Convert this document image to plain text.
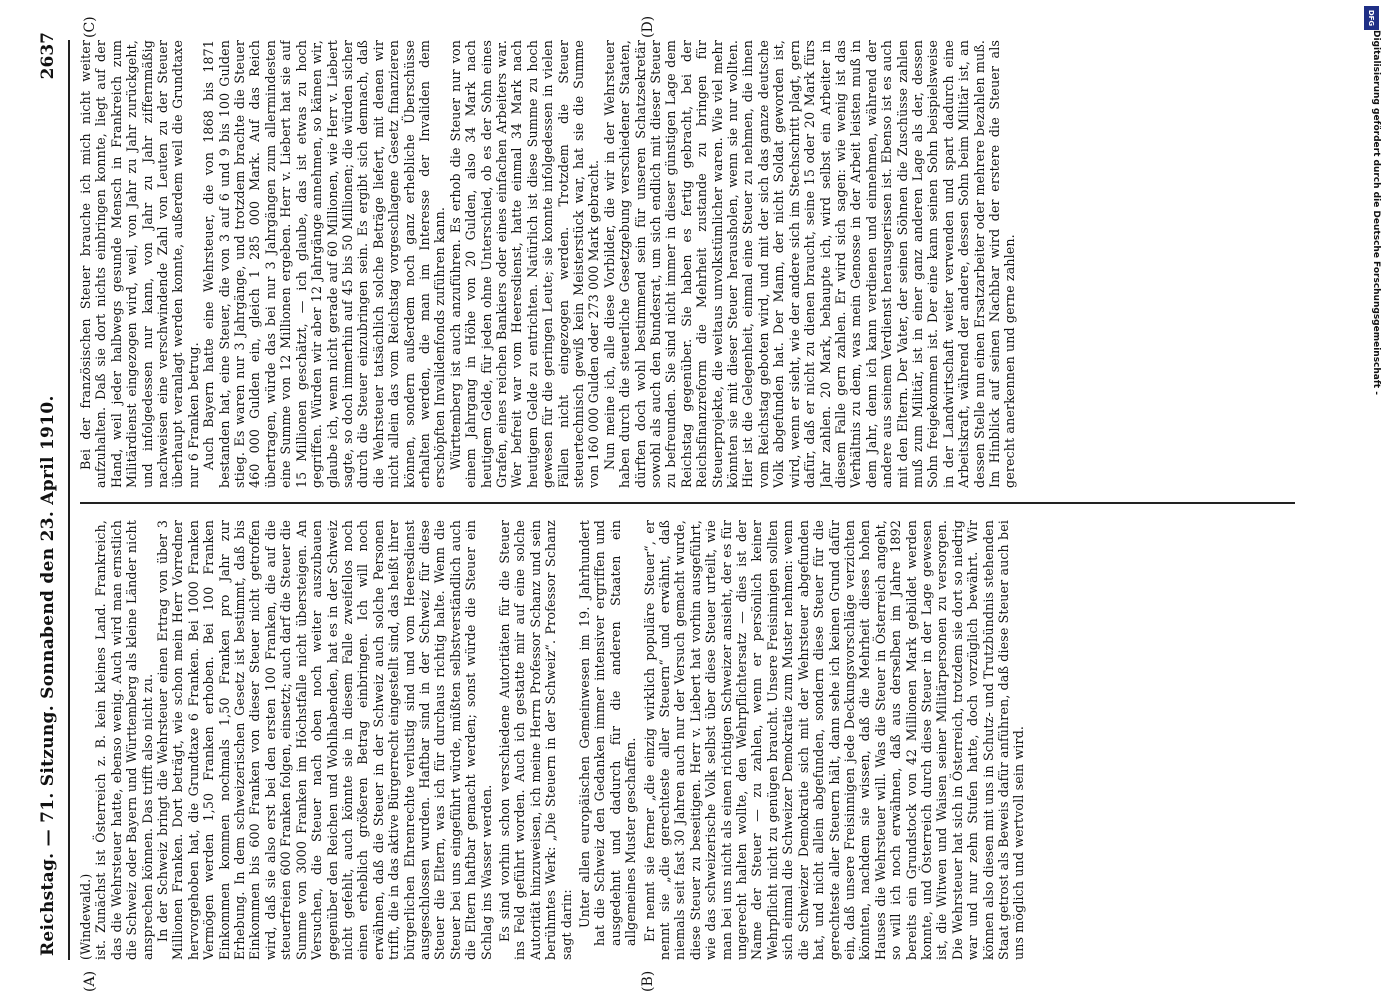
Reichstag. — 71. Sitzung. Sonnabend den 23. April 1910.
2637

(Windewald.) ist. Zunächst ist Österreich z. B. kein kleines Land. Frankreich, das die Wehrsteuer hatte, ebenso wenig. Auch wird man ernstlich die Schweiz oder Bayern und Württemberg als kleine Länder nicht ansprechen können. Das trifft also nicht zu. In der Schweiz bringt die Wehrsteuer einen Ertrag von über 3 Millionen Franken. Dort beträgt, wie schon mein Herr Vorredner hervorgehoben hat, die Grundtaxe 6 Franken. Bei 1000 Franken Vermögen werden 1,50 Franken erhoben. Bei 100 Franken Einkommen kommen nochmals 1,50 Franken pro Jahr zur Erhebung. In dem schweizerischen Gesetz ist bestimmt, daß bis Einkommen bis 600 Franken von dieser Steuer nicht getroffen wird, daß sie also erst bei den ersten 100 Franken, die auf die steuerfreien 600 Franken folgen, einsetzt; auch darf die Steuer die Summe von 3000 Franken im Höchstfalle nicht übersteigen. An Versuchen, die Steuer nach oben noch weiter auszubauen gegenüber den Reichen und Wohlhabenden, hat es in der Schweiz nicht gefehlt, auch könnte sie in diesem Falle zweifellos noch einen erheblich größeren Betrag einbringen. Ich will noch erwähnen, daß die Steuer in der Schweiz auch solche Personen trifft, die in das aktive Bürgerrecht eingestellt sind, das heißt ihrer bürgerlichen Ehrenrechte verlustig sind und vom Heeresdienst ausgeschlossen wurden. Haftbar sind in der Schweiz für diese Steuer die Eltern, was ich für durchaus richtig halte. Wenn die Steuer bei uns eingeführt würde, müßten selbstverständlich auch die Eltern haftbar gemacht werden; sonst würde die Steuer ein Schlag ins Wasser werden. Es sind vorhin schon verschiedene Autoritäten für die Steuer ins Feld geführt worden. Auch ich gestatte mir auf eine solche Autorität hinzuweisen, ich meine Herrn Professor Schanz und sein berühmtes Werk: „Die Steuern in der Schweiz“. Professor Schanz sagt darin: Unter allen europäischen Gemeinwesen im 19. Jahrhundert hat die Schweiz den Gedanken immer intensiver ergriffen und ausgedehnt und dadurch für die anderen Staaten ein allgemeines Muster geschaffen. Er nennt sie ferner „die einzig wirklich populäre Steuer“, er nennt sie „die gerechteste aller Steuern“ und erwähnt, daß niemals seit fast 30 Jahren auch nur der Versuch gemacht wurde, diese Steuer zu beseitigen. Herr v. Liebert hat vorhin ausgeführt, wie das schweizerische Volk selbst über diese Steuer urteilt, wie man bei uns nicht als einen richtigen Schweizer ansieht, der es für ungerecht halten wollte, den Wehrpflichtersatz — dies ist der Name der Steuer — zu zahlen, wenn er persönlich keiner Wehrpflicht nicht zu genügen braucht. Unsere Freisinnigen sollten sich einmal die Schweizer Demokratie zum Muster nehmen: wenn die Schweizer Demokratie sich mit der Wehrsteuer abgefunden hat, und nicht allein abgefunden, sondern diese Steuer für die gerechteste aller Steuern hält, dann sehe ich keinen Grund dafür ein, daß unsere Freisinnigen jede Deckungsvorschläge verzichten könnten, nachdem sie wissen, daß die Mehrheit dieses hohen Hauses die Wehrsteuer will. Was die Steuer in Österreich angeht, so will ich noch erwähnen, daß aus derselben im Jahre 1892 bereits ein Grundstock von 42 Millionen Mark gebildet werden konnte, und Österreich durch diese Steuer in der Lage gewesen ist, die Witwen und Waisen seiner Militärpersonen zu versorgen. Die Wehrsteuer hat sich in Österreich, trotzdem sie dort so niedrig war und nur zehn Stufen hatte, doch vorzüglich bewährt. Wir können also diesen mit uns in Schutz- und Trutzbündnis stehenden Staat getrost als Beweis dafür anführen, daß diese Steuer auch bei uns möglich und wertvoll sein wird.

Bei der französischen Steuer brauche ich mich nicht weiter aufzuhalten. Daß sie dort nichts einbringen konnte, liegt auf der Hand, weil jeder halbwegs gesunde Mensch in Frankreich zum Militärdienst eingezogen wird, weil, von Jahr zu Jahr zurückgeht, und infolgedessen nur kann, von Jahr zu Jahr ziffernmäßig nachweisen eine verschwindende Zahl von Leuten zu der Steuer überhaupt veranlagt werden konnte, außerdem weil die Grundtaxe nur 6 Franken betrug. Auch Bayern hatte eine Wehrsteuer, die von 1868 bis 1871 bestanden hat, eine Steuer, die von 3 auf 6 und 9 bis 100 Gulden stieg. Es waren nur 3 Jahrgänge, und trotzdem brachte die Steuer 460 000 Gulden ein, gleich 1 285 000 Mark. Auf das Reich übertragen, würde das bei nur 3 Jahrgängen zum allermindesten eine Summe von 12 Millionen ergeben. Herr v. Liebert hat sie auf 15 Millionen geschätzt, — ich glaube, das ist etwas zu hoch gegriffen. Würden wir aber 12 Jahrgänge annehmen, so kämen wir, glaube ich, wenn nicht gerade auf 60 Millionen, wie Herr v. Liebert sagte, so doch immerhin auf 45 bis 50 Millionen; die würden sicher durch die Steuer einzubringen sein. Es ergibt sich demnach, daß die Wehrsteuer tatsächlich solche Beträge liefert, mit denen wir nicht allein das vom Reichstag vorgeschlagene Gesetz finanzieren können, sondern außerdem noch ganz erhebliche Überschüsse erhalten werden, die man im Interesse der Invaliden dem erschöpften Invalidenfonds zuführen kann. Württemberg ist auch anzuführen. Es erhob die Steuer nur von einem Jahrgang in Höhe von 20 Gulden, also 34 Mark nach heutigem Gelde, für jeden ohne Unterschied, ob es der Sohn eines Grafen, eines reichen Bankiers oder eines einfachen Arbeiters war. Wer befreit war vom Heeresdienst, hatte einmal 34 Mark nach heutigem Gelde zu entrichten. Natürlich ist diese Summe zu hoch gewesen für die geringen Leute; sie konnte infolgedessen in vielen Fällen nicht eingezogen werden. Trotzdem die Steuer steuertechnisch gewiß kein Meisterstück war, hat sie die Summe von 160 000 Gulden oder 273 000 Mark gebracht. Nun meine ich, alle diese Vorbilder, die wir in der Wehrsteuer haben durch die steuerliche Gesetzgebung verschiedener Staaten, dürften doch wohl bestimmend sein für unseren Schatzsekretär sowohl als auch den Bundesrat, um sich endlich mit dieser Steuer zu befreunden. Sie sind nicht immer in dieser günstigen Lage dem Reichstag gegenüber. Sie haben es fertig gebracht, bei der Reichsfinanzreform die Mehrheit zustande zu bringen für Steuerprojekte, die weitaus unvolkstümlicher waren. Wie viel mehr könnten sie mit dieser Steuer herausholen, wenn sie nur wollten. Hier ist die Gelegenheit, einmal eine Steuer zu nehmen, die ihnen vom Reichstag geboten wird, und mit der sich das ganze deutsche Volk abgefunden hat. Der Mann, der nicht Soldat geworden ist, wird, wenn er sieht, wie der andere sich im Stechschritt plagt, gern dafür, daß er nicht zu dienen braucht, seine 15 oder 20 Mark fürs Jahr zahlen. 20 Mark, behaupte ich, wird selbst ein Arbeiter in diesem Falle gern zahlen. Er wird sich sagen: wie wenig ist das Verhältnis zu dem, was mein Genosse in der Arbeit leisten muß in dem Jahr, denn ich kann verdienen und einnehmen, während der andere aus seinem Verdienst herausgerissen ist. Ebenso ist es auch mit den Eltern. Der Vater, der seinen Söhnen die Zuschüsse zahlen muß zum Militär, ist in einer ganz anderen Lage als der, dessen Sohn freigekommen ist. Der eine kann seinen Sohn beispielsweise in der Landwirtschaft weiter verwenden und spart dadurch eine Arbeitskraft, während der andere, dessen Sohn beim Militär ist, an dessen Stelle nun einen Ersatzarbeiter oder mehrere bezahlen muß. Im Hinblick auf seinen Nachbar wird der erstere die Steuer als gerecht anerkennen und gerne zahlen.

(A)	(B)
(C)	(D)	DFG
Digitalisierung gefördert durch die Deutsche Forschungsgemeinschaft -
